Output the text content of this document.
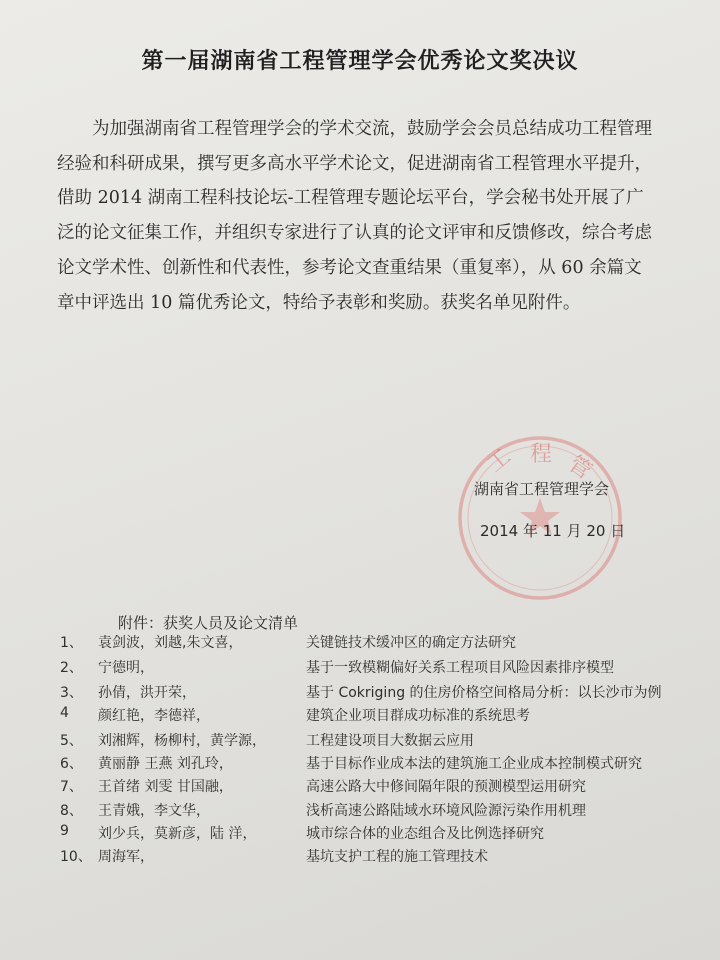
第一届湖南省工程管理学会优秀论文奖决议

为加强湖南省工程管理学会的学术交流，鼓励学会会员总结成功工程管理经验和科研成果，撰写更多高水平学术论文，促进湖南省工程管理水平提升，借助 2014 湖南工程科技论坛-工程管理专题论坛平台，学会秘书处开展了广泛的论文征集工作，并组织专家进行了认真的论文评审和反馈修改，综合考虑论文学术性、创新性和代表性，参考论文查重结果（重复率），从 60 余篇文章中评选出 10 篇优秀论文，特给予表彰和奖励。获奖名单见附件。

工 程 管
湖南省工程管理学会
2014 年 11 月 20 日
附件：获奖人员及论文清单
1、	袁剑波，刘越,朱文喜，	关键链技术缓冲区的确定方法研究
2、	宁德明，	基于一致模糊偏好关系工程项目风险因素排序模型
3、	孙倩，洪开荣，	基于 Cokriging 的住房价格空间格局分析：以长沙市为例
4	颜红艳，李德祥，	建筑企业项目群成功标准的系统思考
5、	刘湘辉，杨柳村，黄学源，	工程建设项目大数据云应用
6、	黄丽静 王燕 刘孔玲，	基于目标作业成本法的建筑施工企业成本控制模式研究
7、	王首绪 刘雯 甘国融，	高速公路大中修间隔年限的预测模型运用研究
8、	王青娥，李文华，	浅析高速公路陆域水环境风险源污染作用机理
9	刘少兵，莫新彦，陆 洋，	城市综合体的业态组合及比例选择研究
10、 周海军，	基坑支护工程的施工管理技术
